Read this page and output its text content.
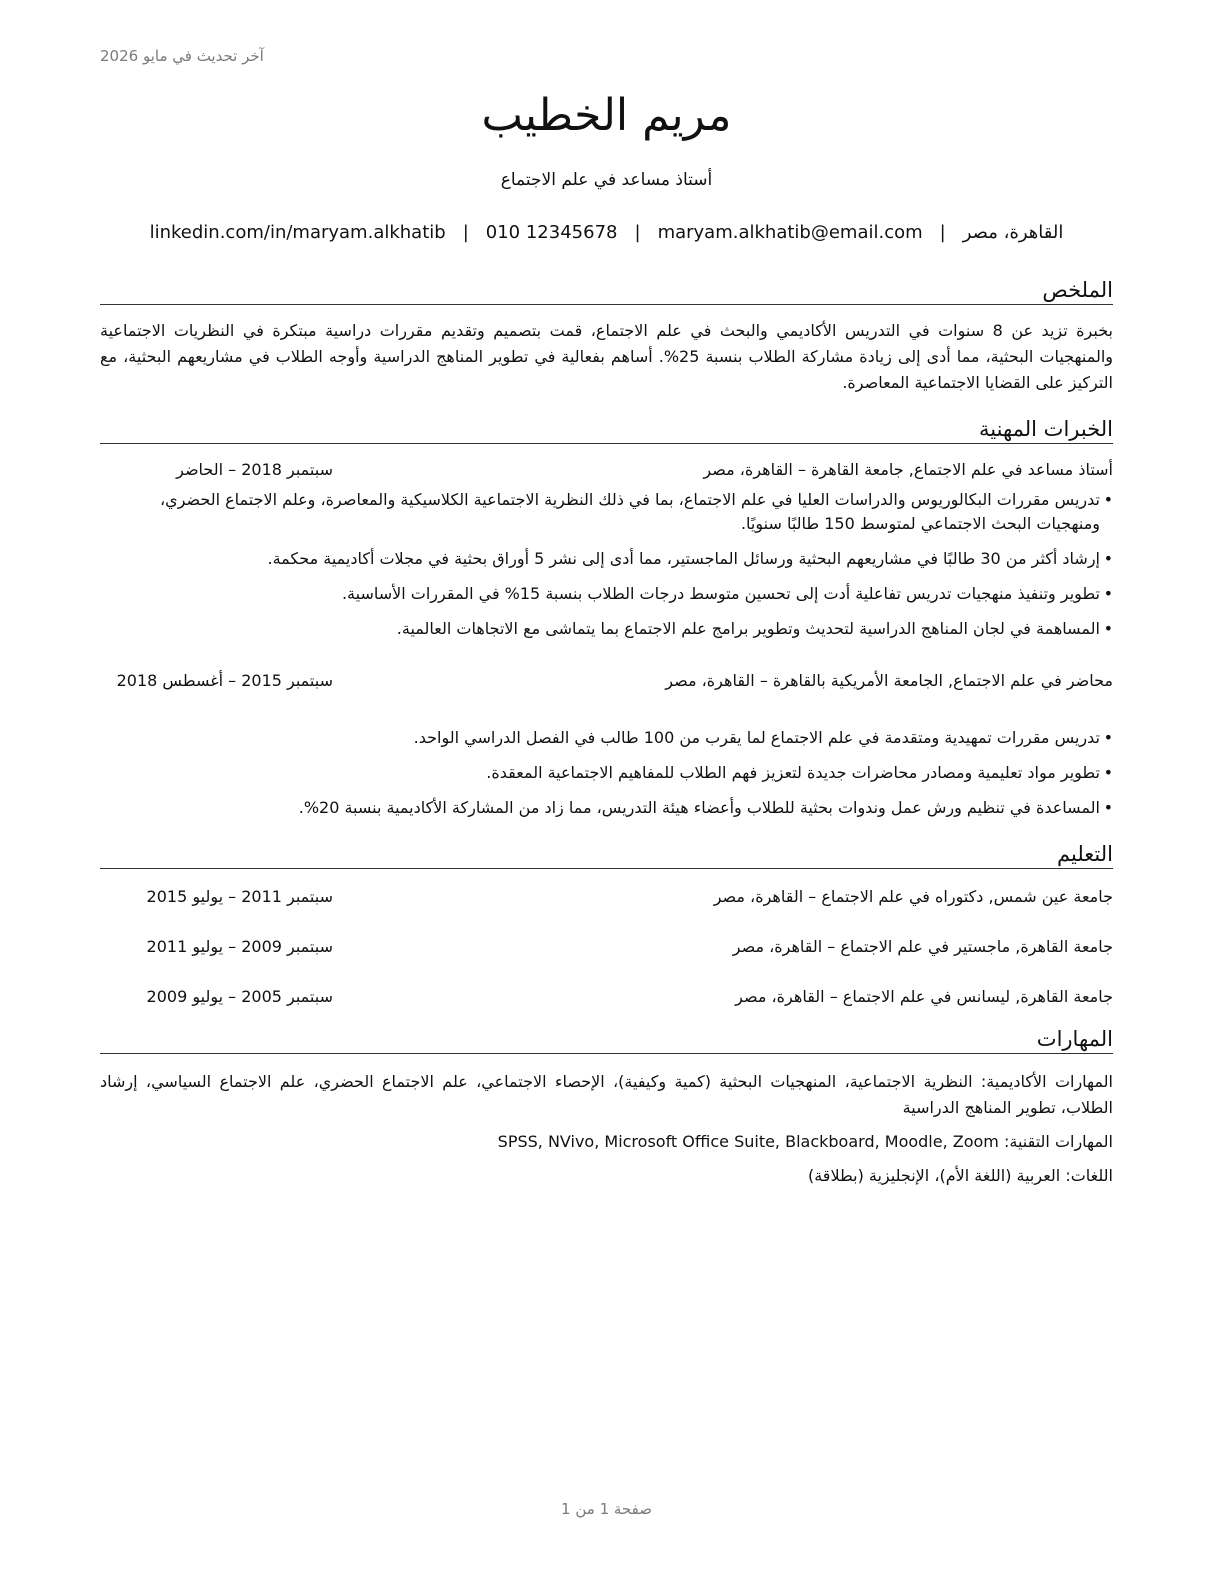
آخر تحديث في مايو 2026
مريم الخطيب
أستاذ مساعد في علم الاجتماع
القاهرة، مصر
|
maryam.alkhatib@email.com
|
010 12345678
|
linkedin.com/in/maryam.alkhatib
الملخص
بخبرة تزيد عن 8 سنوات في التدريس الأكاديمي والبحث في علم الاجتماع، قمت بتصميم وتقديم مقررات دراسية مبتكرة في النظريات الاجتماعية والمنهجيات البحثية، مما أدى إلى زيادة مشاركة الطلاب بنسبة 25%. أساهم بفعالية في تطوير المناهج الدراسية وأوجه الطلاب في مشاريعهم البحثية، مع التركيز على القضايا الاجتماعية المعاصرة.
الخبرات المهنية
أستاذ مساعد في علم الاجتماع, جامعة القاهرة – القاهرة، مصر
سبتمبر 2018 – الحاضر
• تدريس مقررات البكالوريوس والدراسات العليا في علم الاجتماع، بما في ذلك النظرية الاجتماعية الكلاسيكية والمعاصرة، وعلم الاجتماع الحضري، ومنهجيات البحث الاجتماعي لمتوسط 150 طالبًا سنويًا.
• إرشاد أكثر من 30 طالبًا في مشاريعهم البحثية ورسائل الماجستير، مما أدى إلى نشر 5 أوراق بحثية في مجلات أكاديمية محكمة.
• تطوير وتنفيذ منهجيات تدريس تفاعلية أدت إلى تحسين متوسط درجات الطلاب بنسبة 15% في المقررات الأساسية.
• المساهمة في لجان المناهج الدراسية لتحديث وتطوير برامج علم الاجتماع بما يتماشى مع الاتجاهات العالمية.
محاضر في علم الاجتماع, الجامعة الأمريكية بالقاهرة – القاهرة، مصر
سبتمبر 2015 – أغسطس 2018
• تدريس مقررات تمهيدية ومتقدمة في علم الاجتماع لما يقرب من 100 طالب في الفصل الدراسي الواحد.
• تطوير مواد تعليمية ومصادر محاضرات جديدة لتعزيز فهم الطلاب للمفاهيم الاجتماعية المعقدة.
• المساعدة في تنظيم ورش عمل وندوات بحثية للطلاب وأعضاء هيئة التدريس، مما زاد من المشاركة الأكاديمية بنسبة 20%.
التعليم
جامعة عين شمس, دكتوراه في علم الاجتماع – القاهرة، مصر
سبتمبر 2011 – يوليو 2015
جامعة القاهرة, ماجستير في علم الاجتماع – القاهرة، مصر
سبتمبر 2009 – يوليو 2011
جامعة القاهرة, ليسانس في علم الاجتماع – القاهرة، مصر
سبتمبر 2005 – يوليو 2009
المهارات
المهارات الأكاديمية: النظرية الاجتماعية، المنهجيات البحثية (كمية وكيفية)، الإحصاء الاجتماعي، علم الاجتماع الحضري، علم الاجتماع السياسي، إرشاد الطلاب، تطوير المناهج الدراسية
المهارات التقنية: SPSS, NVivo, Microsoft Office Suite, Blackboard, Moodle, Zoom
اللغات: العربية (اللغة الأم)، الإنجليزية (بطلاقة)
صفحة 1 من 1
